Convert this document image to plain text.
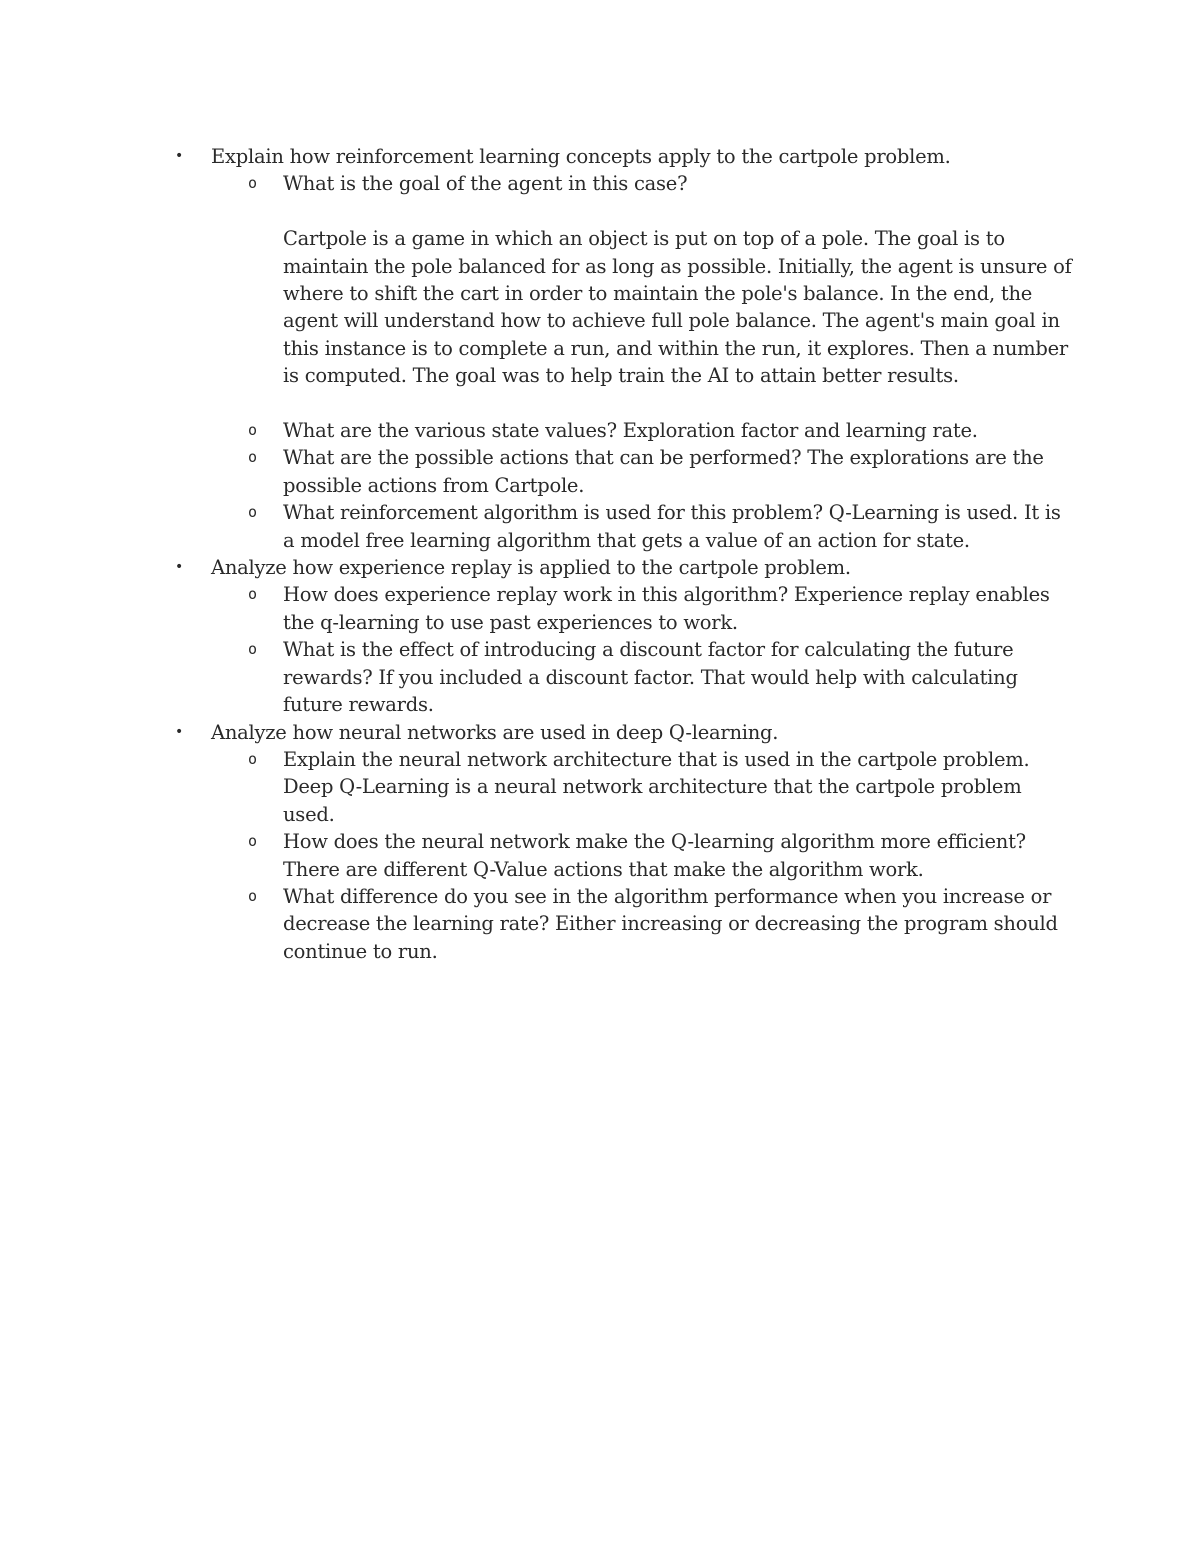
• Explain how reinforcement learning concepts apply to the cartpole problem.
o What is the goal of the agent in this case?

Cartpole is a game in which an object is put on top of a pole. The goal is to maintain the pole balanced for as long as possible. Initially, the agent is unsure of where to shift the cart in order to maintain the pole's balance. In the end, the agent will understand how to achieve full pole balance. The agent's main goal in this instance is to complete a run, and within the run, it explores. Then a number is computed. The goal was to help train the AI to attain better results.

o What are the various state values? Exploration factor and learning rate.
o What are the possible actions that can be performed? The explorations are the possible actions from Cartpole.
o What reinforcement algorithm is used for this problem? Q-Learning is used. It is a model free learning algorithm that gets a value of an action for state.
• Analyze how experience replay is applied to the cartpole problem.
o How does experience replay work in this algorithm? Experience replay enables the q-learning to use past experiences to work.
o What is the effect of introducing a discount factor for calculating the future rewards? If you included a discount factor. That would help with calculating future rewards.
• Analyze how neural networks are used in deep Q-learning.
o Explain the neural network architecture that is used in the cartpole problem. Deep Q-Learning is a neural network architecture that the cartpole problem used.
o How does the neural network make the Q-learning algorithm more efficient? There are different Q-Value actions that make the algorithm work.
o What difference do you see in the algorithm performance when you increase or decrease the learning rate? Either increasing or decreasing the program should continue to run.
